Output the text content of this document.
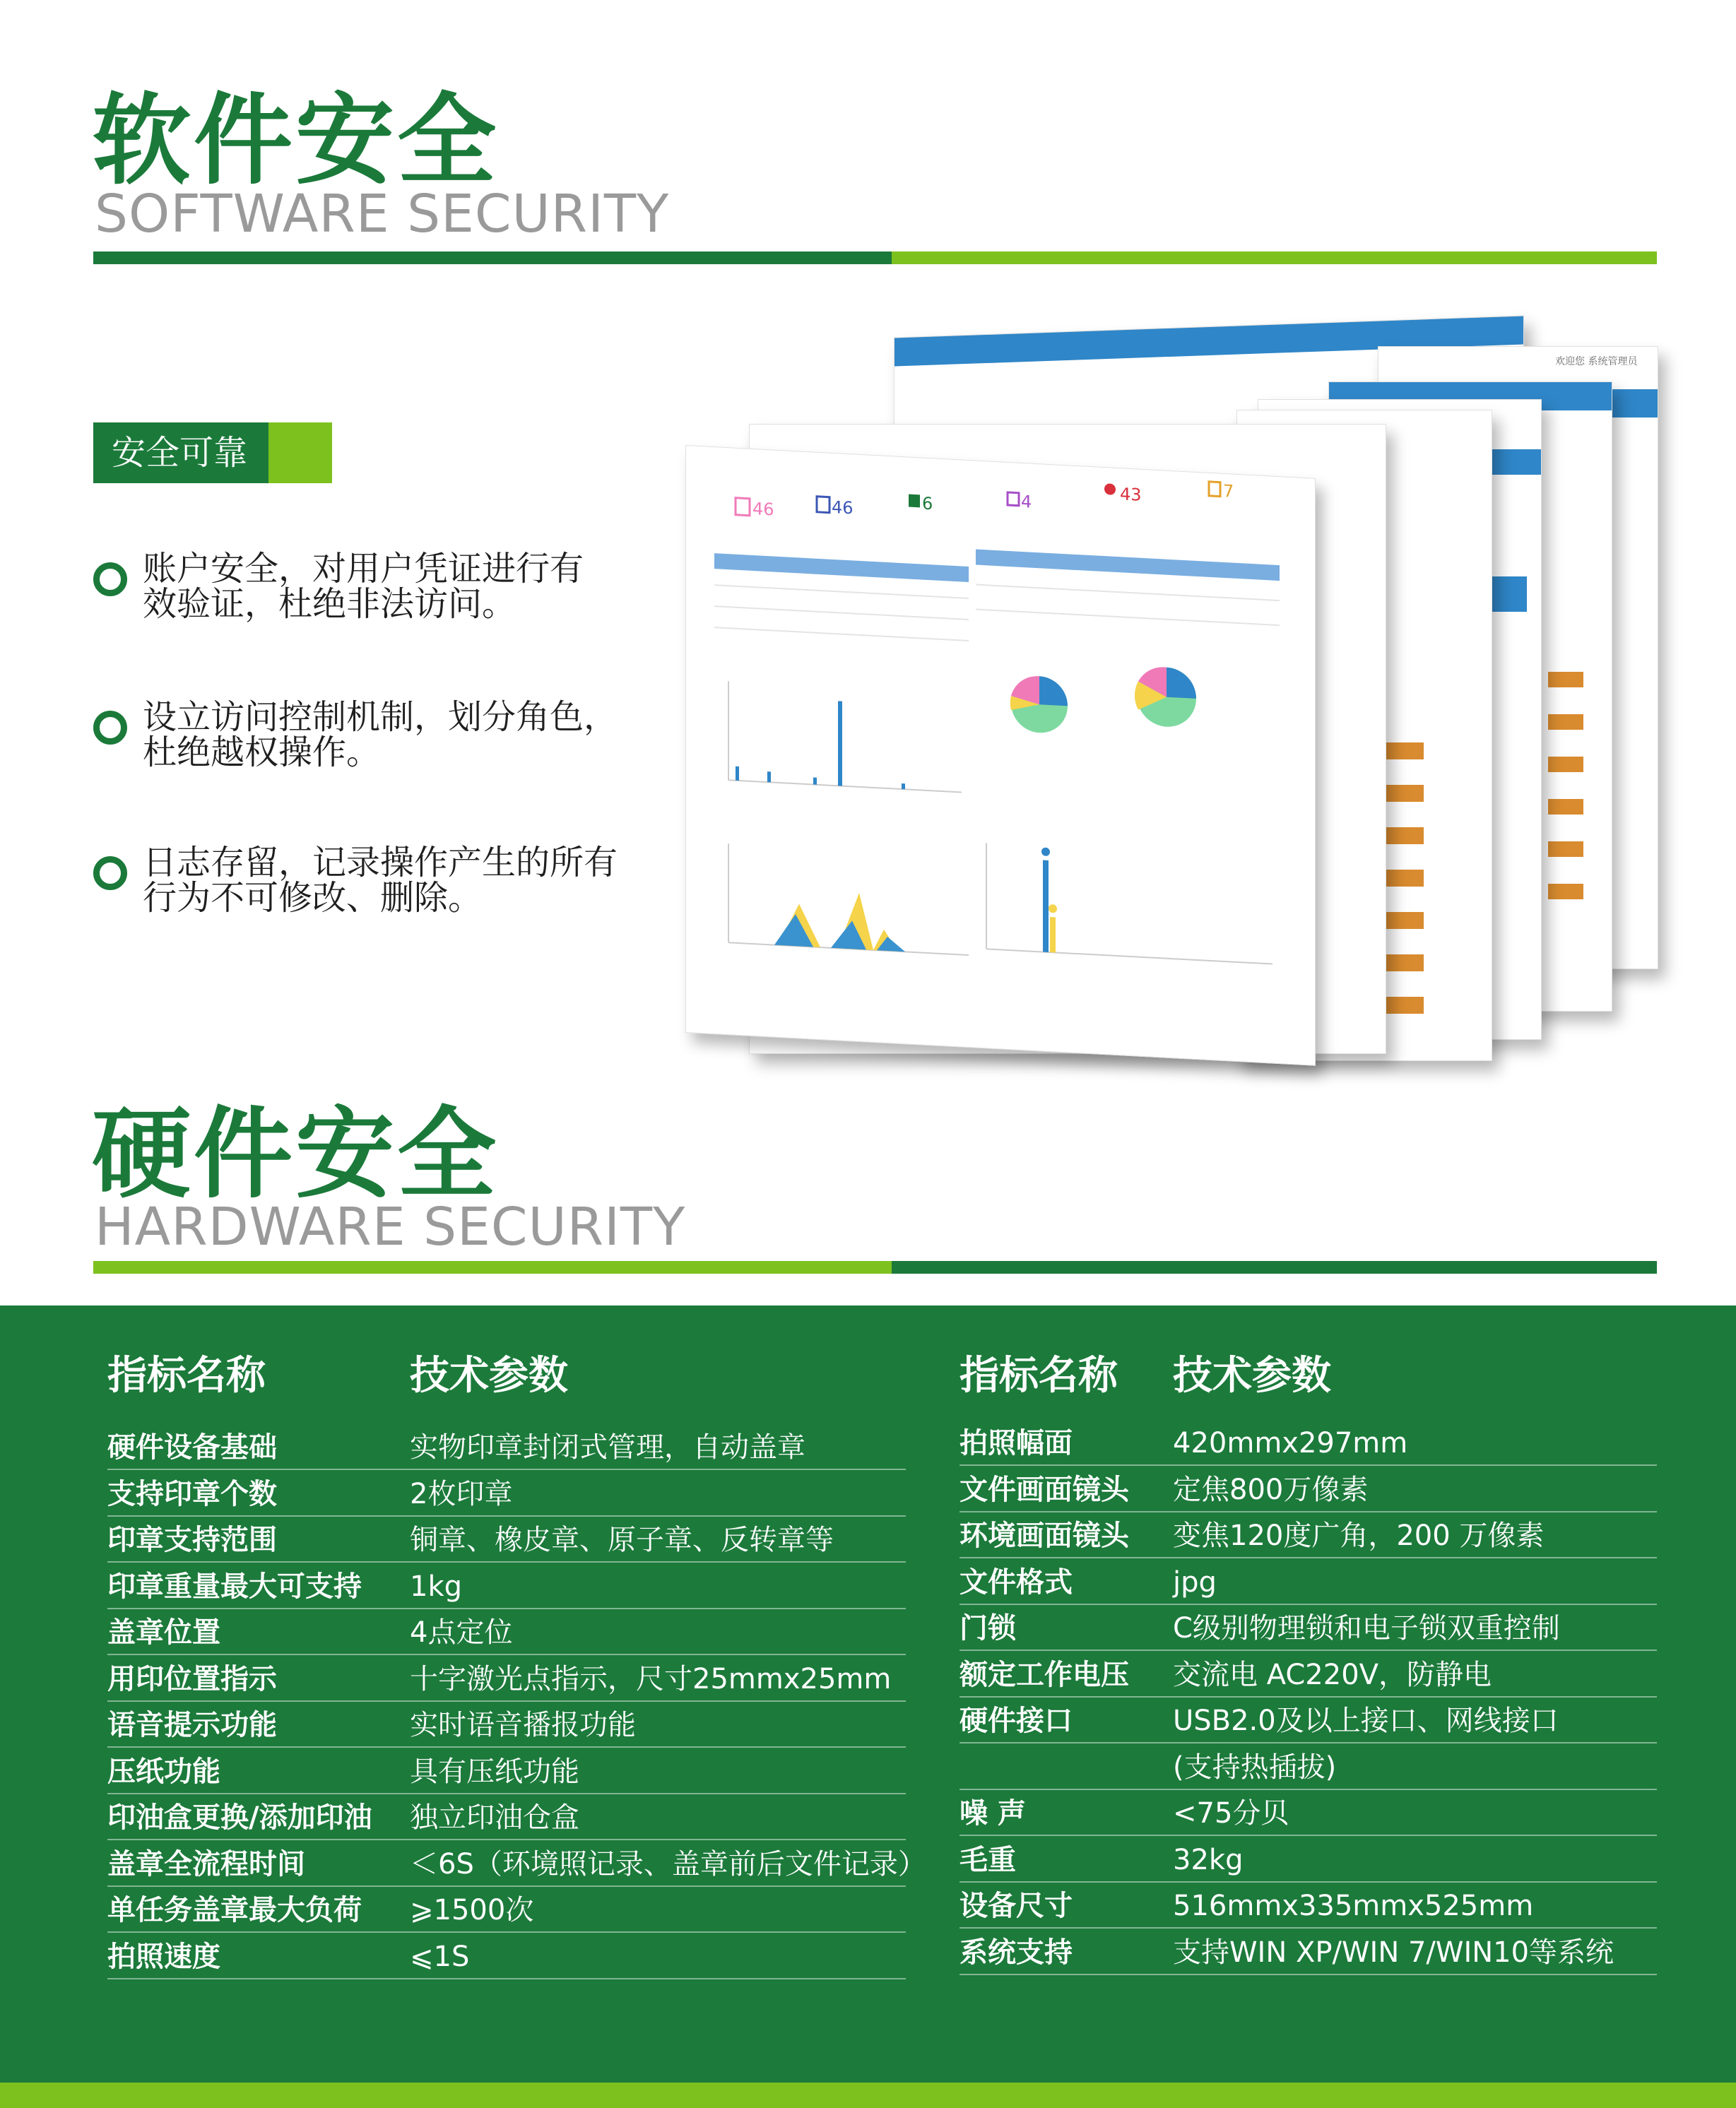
软件安全
SOFTWARE SECURITY
安全可靠
账户安全，对用户凭证进行有
效验证，杜绝非法访问。
设立访问控制机制，划分角色，
杜绝越权操作。
日志存留，记录操作产生的所有
行为不可修改、删除。
欢迎您 系统管理员
46	46	6	4	43	7
硬件安全
HARDWARE SECURITY
指标名称	技术参数	指标名称 技术参数
硬件设备基础	实物印章封闭式管理，自动盖章
支持印章个数	2枚印章
印章支持范围	铜章、橡皮章、原子章、反转章等
印章重量最大可支持 1kg
盖章位置	4点定位
用印位置指示	十字激光点指示，尺寸25mmx25mm
语音提示功能	实时语音播报功能
压纸功能	具有压纸功能
印油盒更换/添加印油 独立印油仓盒
盖章全流程时间	＜6S（环境照记录、盖章前后文件记录）
单任务盖章最大负荷 ⩾1500次
拍照速度	⩽1S
拍照幅面	420mmx297mm
文件画面镜头 定焦800万像素
环境画面镜头 变焦120度广角，200 万像素
文件格式	jpg
门锁	C级别物理锁和电子锁双重控制
额定工作电压 交流电 AC220V，防静电
硬件接口	USB2.0及以上接口、网线接口
(支持热插拔)
噪 声	<75分贝
毛重	32kg
设备尺寸	516mmx335mmx525mm
系统支持	支持WIN XP/WIN 7/WIN10等系统
